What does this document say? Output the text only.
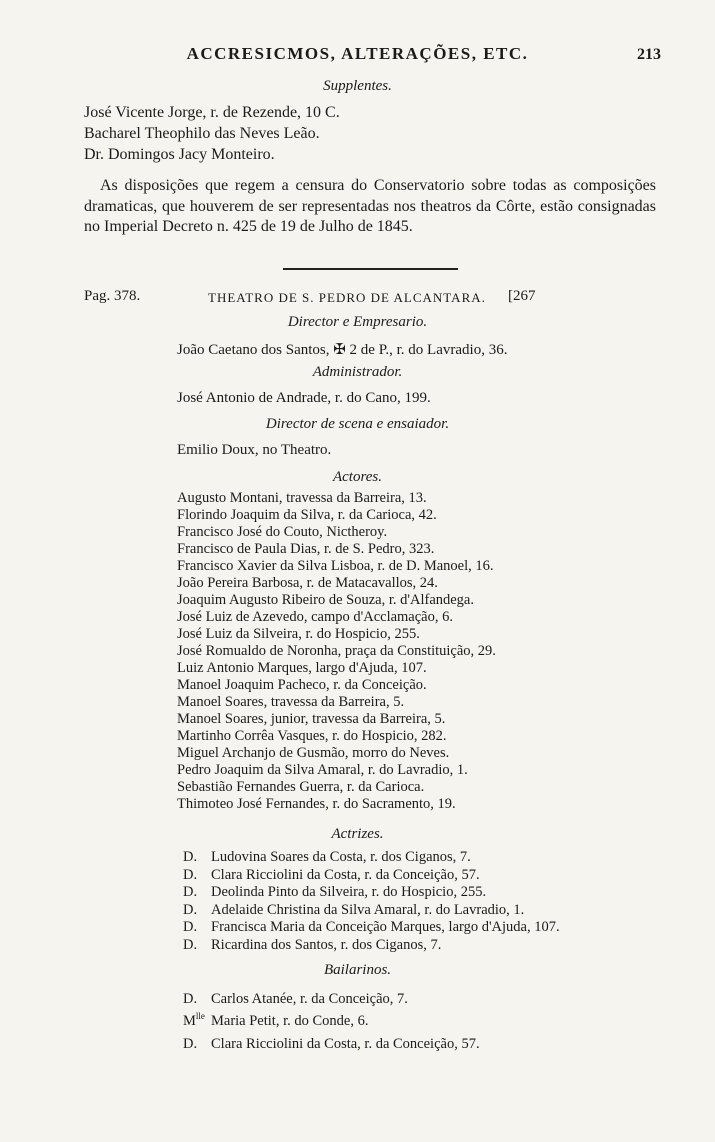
ACCRESICMOS, ALTERAÇÕES, ETC.	213
Supplentes.
José Vicente Jorge, r. de Rezende, 10 C.
Bacharel Theophilo das Neves Leão.
Dr. Domingos Jacy Monteiro.
As disposições que regem a censura do Conservatorio sobre todas as composições dramaticas, que houverem de ser representadas nos theatros da Côrte, estão consignadas no Imperial Decreto n. 425 de 19 de Julho de 1845.
Pag. 378.	THEATRO DE S. PEDRO DE ALCANTARA. [267
Director e Empresario.
João Caetano dos Santos, ✠ 2 de P., r. do Lavradio, 36.
Administrador.
José Antonio de Andrade, r. do Cano, 199.
Director de scena e ensaiador.
Emilio Doux, no Theatro.
Actores.
Augusto Montani, travessa da Barreira, 13.
Florindo Joaquim da Silva, r. da Carioca, 42.
Francisco José do Couto, Nictheroy.
Francisco de Paula Dias, r. de S. Pedro, 323.
Francisco Xavier da Silva Lisboa, r. de D. Manoel, 16.
João Pereira Barbosa, r. de Matacavallos, 24.
Joaquim Augusto Ribeiro de Souza, r. d'Alfandega.
José Luiz de Azevedo, campo d'Acclamação, 6.
José Luiz da Silveira, r. do Hospicio, 255.
José Romualdo de Noronha, praça da Constituição, 29.
Luiz Antonio Marques, largo d'Ajuda, 107.
Manoel Joaquim Pacheco, r. da Conceição.
Manoel Soares, travessa da Barreira, 5.
Manoel Soares, junior, travessa da Barreira, 5.
Martinho Corrêa Vasques, r. do Hospicio, 282.
Miguel Archanjo de Gusmão, morro do Neves.
Pedro Joaquim da Silva Amaral, r. do Lavradio, 1.
Sebastião Fernandes Guerra, r. da Carioca.
Thimoteo José Fernandes, r. do Sacramento, 19.
Actrizes.
D. Ludovina Soares da Costa, r. dos Ciganos, 7.
D. Clara Ricciolini da Costa, r. da Conceição, 57.
D. Deolinda Pinto da Silveira, r. do Hospicio, 255.
D. Adelaide Christina da Silva Amaral, r. do Lavradio, 1.
D. Francisca Maria da Conceição Marques, largo d'Ajuda, 107.
D. Ricardina dos Santos, r. dos Ciganos, 7.
Bailarinos.
D. Carlos Atanée, r. da Conceição, 7.
$M^{lle}$ Maria Petit, r. do Conde, 6.
D. Clara Ricciolini da Costa, r. da Conceição, 57.
